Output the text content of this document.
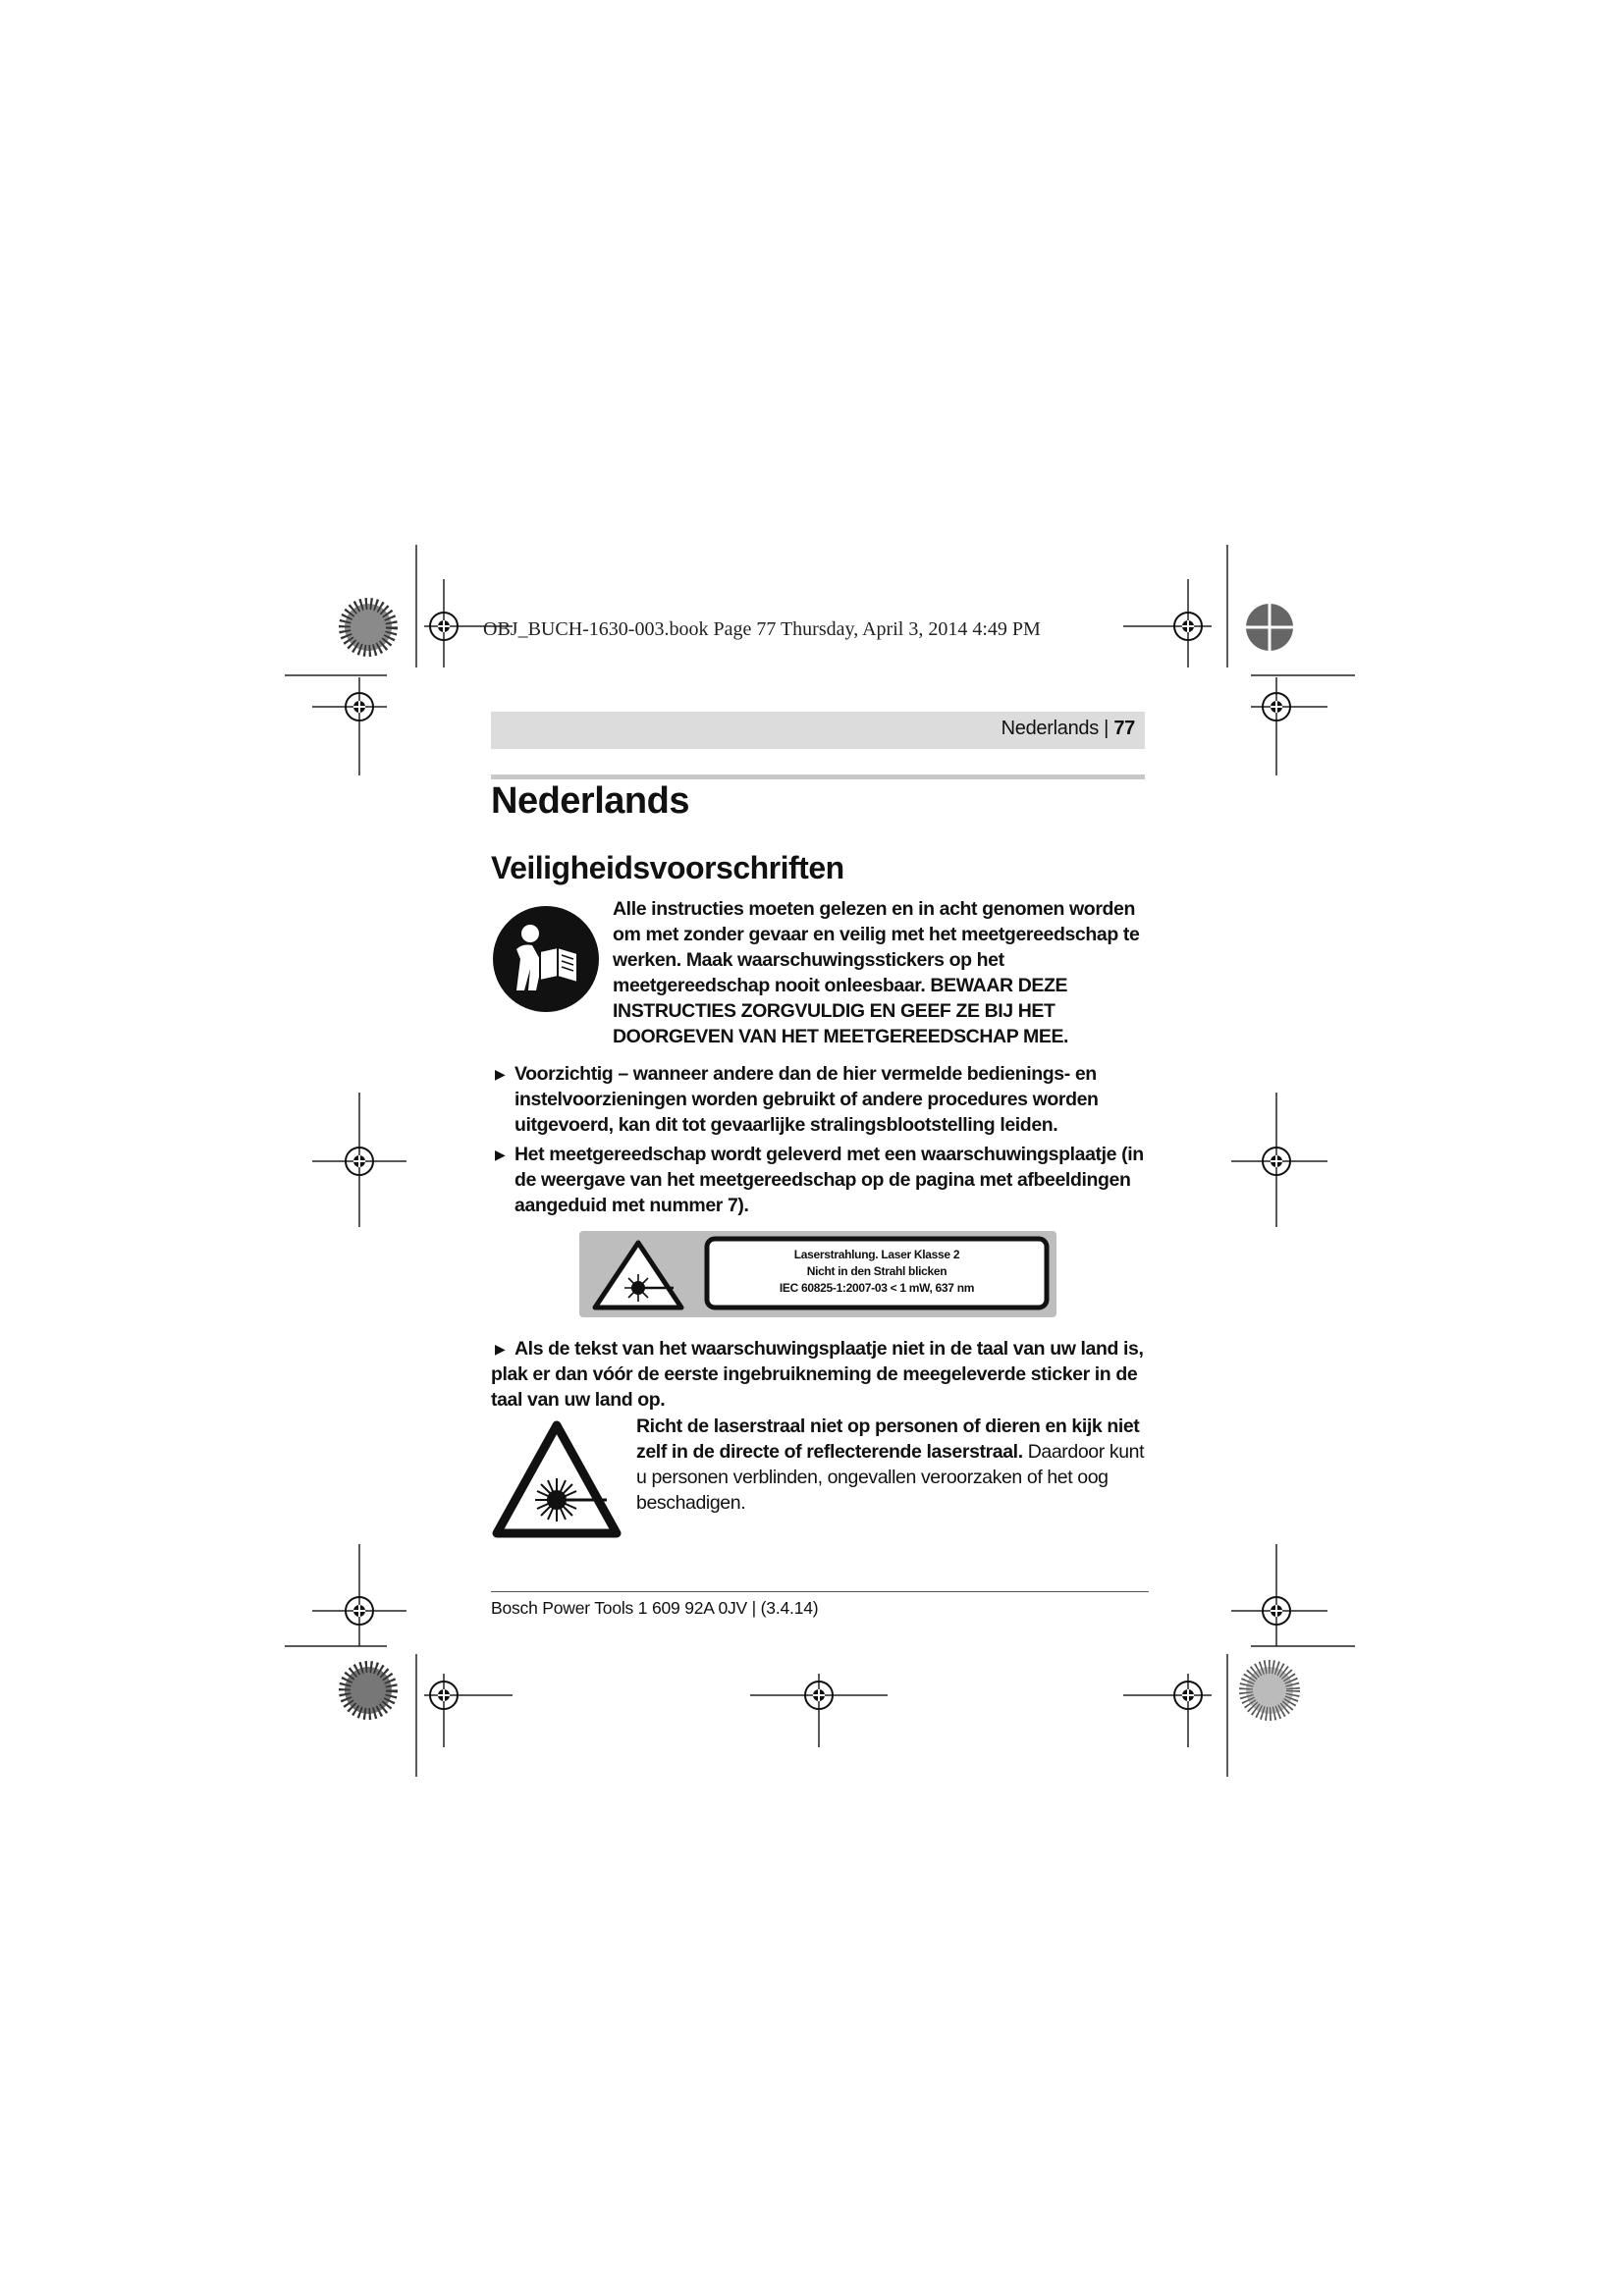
OBJ_BUCH-1630-003.book Page 77 Thursday, April 3, 2014 4:49 PM
Nederlands | 77
Nederlands
Veiligheidsvoorschriften
Alle instructies moeten gelezen en in acht genomen worden om met zonder gevaar en veilig met het meetgereedschap te werken. Maak waarschuwingsstickers op het meetgereedschap nooit onleesbaar. BEWAAR DEZE INSTRUCTIES ZORGVULDIG EN GEEF ZE BIJ HET DOORGEVEN VAN HET MEETGEREEDSCHAP MEE.
▶ Voorzichtig – wanneer andere dan de hier vermelde bedienings- en instelvoorzieningen worden gebruikt of andere procedures worden uitgevoerd, kan dit tot gevaarlijke stralingsblootstelling leiden.
▶ Het meetgereedschap wordt geleverd met een waarschuwingsplaatje (in de weergave van het meetgereedschap op de pagina met afbeeldingen aangeduid met nummer 7).
Laserstrahlung. Laser Klasse 2
Nicht in den Strahl blicken
IEC 60825-1:2007-03 < 1 mW, 637 nm
▶ Als de tekst van het waarschuwingsplaatje niet in de taal van uw land is, plak er dan vóór de eerste ingebruikneming de meegeleverde sticker in de taal van uw land op.
Richt de laserstraal niet op personen of dieren en kijk niet zelf in de directe of reflecterende laserstraal. Daardoor kunt u personen verblinden, ongevallen veroorzaken of het oog beschadigen.
Bosch Power Tools 1 609 92A 0JV | (3.4.14)
